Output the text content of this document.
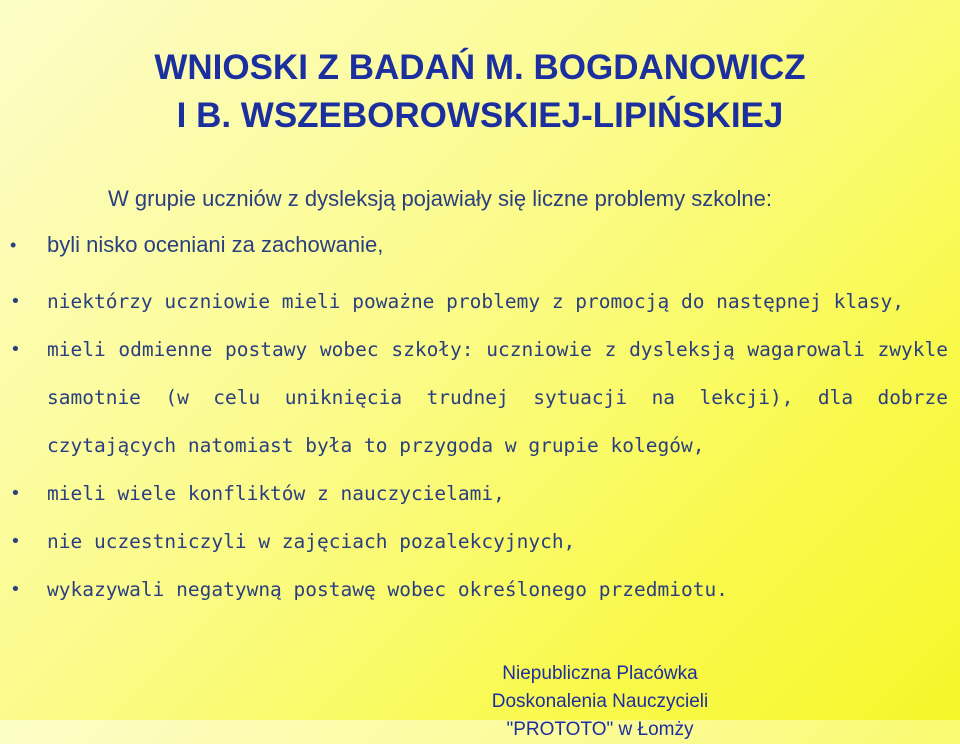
WNIOSKI Z BADAŃ M. BOGDANOWICZ
I B. WSZEBOROWSKIEJ-LIPIŃSKIEJ
W grupie uczniów z dysleksją pojawiały się liczne problemy szkolne:
• byli nisko oceniani za zachowanie,
• niektórzy uczniowie mieli poważne problemy z promocją do następnej klasy,
• mieli odmienne postawy wobec szkoły: uczniowie z dysleksją wagarowali zwykle samotnie (w celu uniknięcia trudnej sytuacji na lekcji), dla dobrze czytających natomiast była to przygoda w grupie kolegów,
• mieli wiele konfliktów z nauczycielami,
• nie uczestniczyli w zajęciach pozalekcyjnych,
• wykazywali negatywną postawę wobec określonego przedmiotu.
Niepubliczna Placówka
Doskonalenia Nauczycieli
"PROTOTO" w Łomży
